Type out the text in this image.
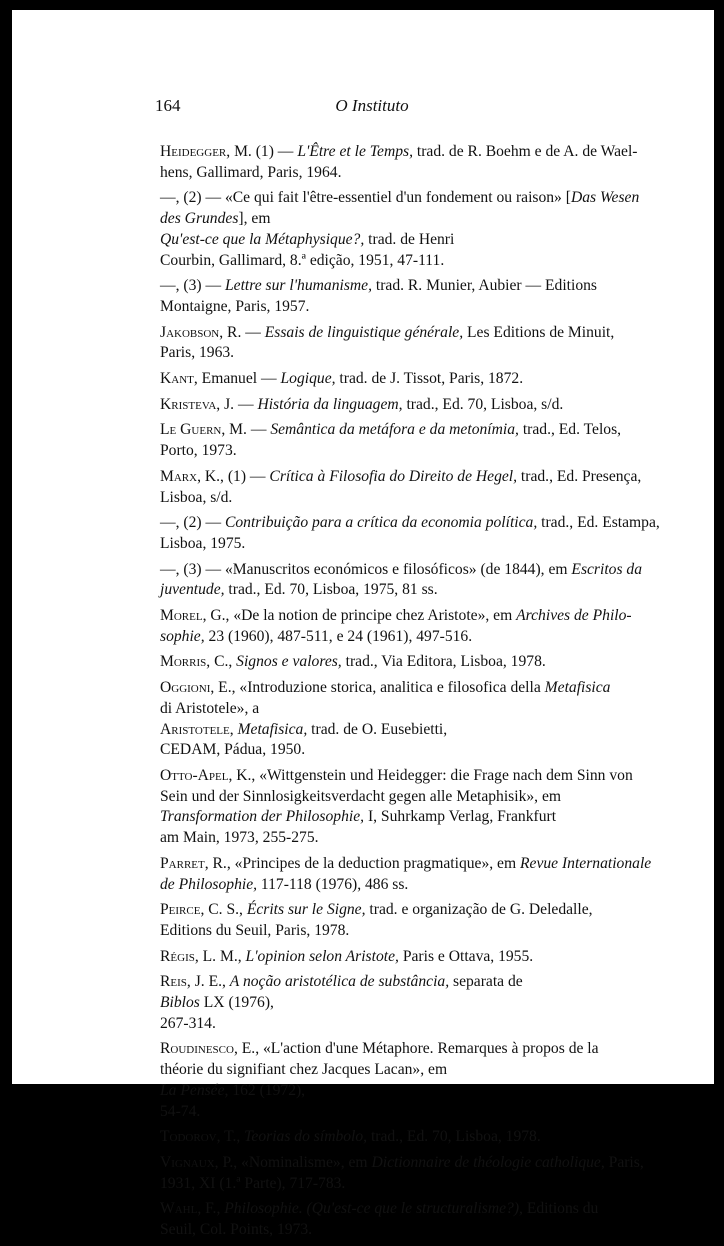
164	O Instituto
Heidegger, M. (1) — L'Être et le Temps, trad. de R. Boehm e de A. de Wael-
hens, Gallimard, Paris, 1964.
—, (2) — «Ce qui fait l'être-essentiel d'un fondement ou raison» [Das Wesen
des Grundes], em
Qu'est-ce que la Métaphysique?, trad. de Henri
Courbin, Gallimard, 8.ª edição, 1951, 47-111.
—, (3) — Lettre sur l'humanisme, trad. R. Munier, Aubier — Editions
Montaigne, Paris, 1957.
Jakobson, R. — Essais de linguistique générale, Les Editions de Minuit,
Paris, 1963.
Kant, Emanuel — Logique, trad. de J. Tissot, Paris, 1872.
Kristeva, J. — História da linguagem, trad., Ed. 70, Lisboa, s/d.
Le Guern, M. — Semântica da metáfora e da metonímia, trad., Ed. Telos,
Porto, 1973.
Marx, K., (1) — Crítica à Filosofia do Direito de Hegel, trad., Ed. Presença,
Lisboa, s/d.
—, (2) — Contribuição para a crítica da economia política, trad., Ed. Estampa,
Lisboa, 1975.
—, (3) — «Manuscritos económicos e filosóficos» (de 1844), em Escritos da
juventude, trad., Ed. 70, Lisboa, 1975, 81 ss.
Morel, G., «De la notion de principe chez Aristote», em Archives de Philo-
sophie, 23 (1960), 487-511, e 24 (1961), 497-516.
Morris, C., Signos e valores, trad., Via Editora, Lisboa, 1978.
Oggioni, E., «Introduzione storica, analitica e filosofica della Metafisica
di Aristotele», a
Aristotele, Metafisica, trad. de O. Eusebietti,
CEDAM, Pádua, 1950.
Otto-Apel, K., «Wittgenstein und Heidegger: die Frage nach dem Sinn von
Sein und der Sinnlosigkeitsverdacht gegen alle Metaphisik», em
Transformation der Philosophie, I, Suhrkamp Verlag, Frankfurt
am Main, 1973, 255-275.
Parret, R., «Principes de la deduction pragmatique», em Revue Internationale
de Philosophie, 117-118 (1976), 486 ss.
Peirce, C. S., Écrits sur le Signe, trad. e organização de G. Deledalle,
Editions du Seuil, Paris, 1978.
Régis, L. M., L'opinion selon Aristote, Paris e Ottava, 1955.
Reis, J. E., A noção aristotélica de substância, separata de
Biblos LX (1976),
267-314.
Roudinesco, E., «L'action d'une Métaphore. Remarques à propos de la
théorie du signifiant chez Jacques Lacan», em
La Pensée, 162 (1972),
54-74.
Todorov, T., Teorias do símbolo, trad., Ed. 70, Lisboa, 1978.
Vignaux, P., «Nominalisme», em Dictionnaire de théologie catholique, Paris,
1931, XI (1.ª Parte), 717-783.
Wahl, F., Philosophie. (Qu'est-ce que le structuralisme?), Editions du
Seuil, Col. Points, 1973.
